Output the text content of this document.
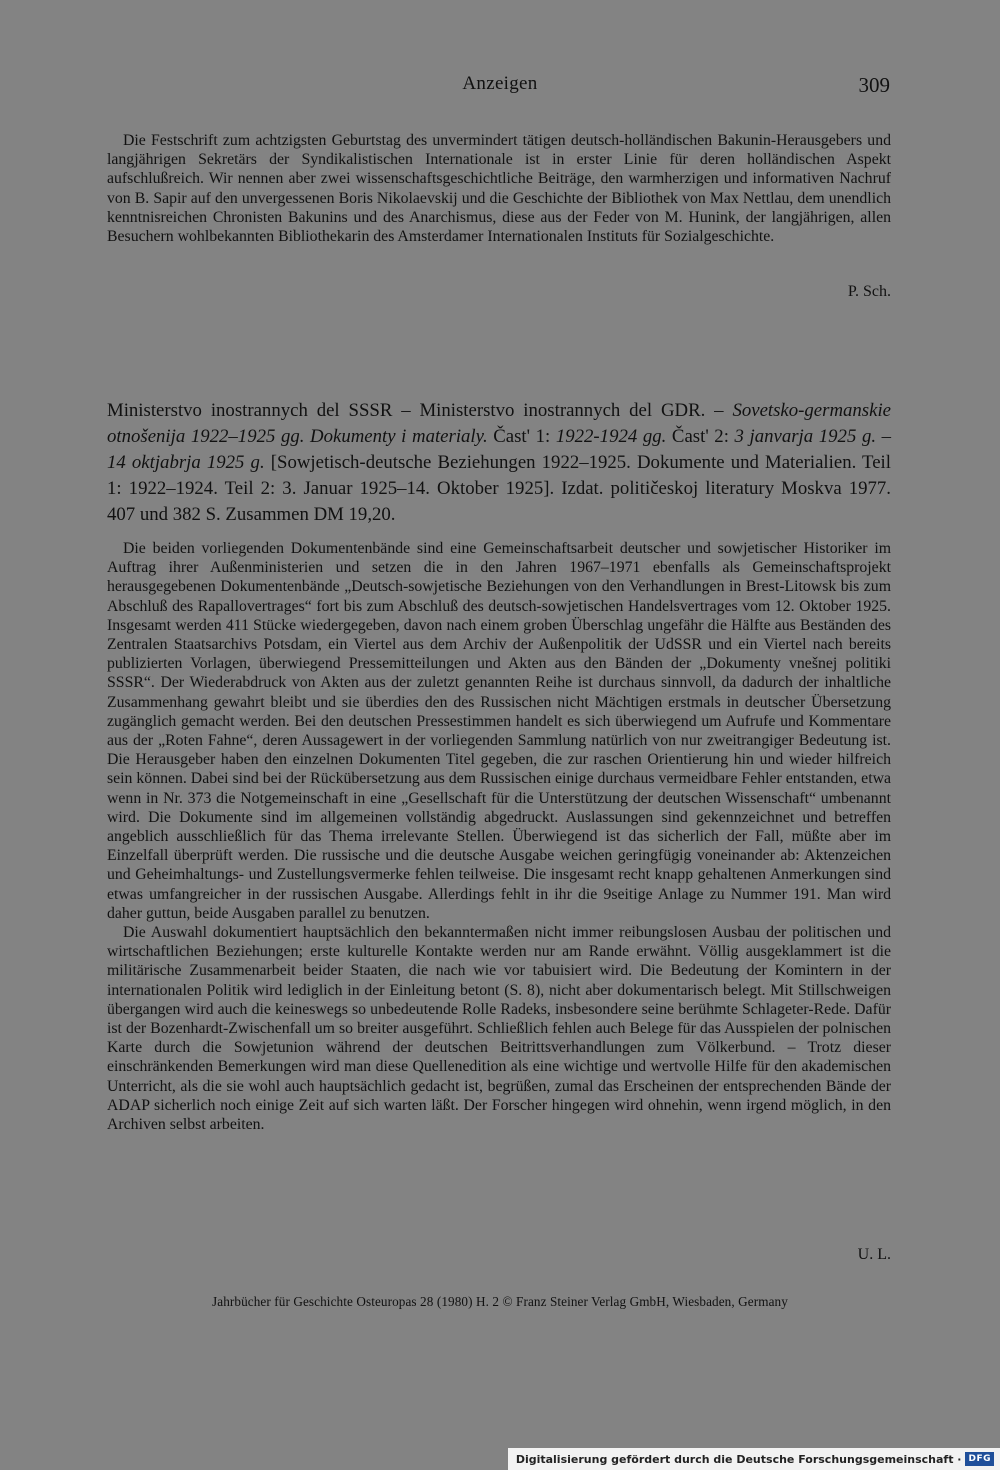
Anzeigen	309

Die Festschrift zum achtzigsten Geburtstag des unvermindert tätigen deutsch-holländischen Bakunin-Herausgebers und langjährigen Sekretärs der Syndikalistischen Internationale ist in erster Linie für deren holländischen Aspekt aufschlußreich. Wir nennen aber zwei wissenschaftsgeschichtliche Beiträge, den warmherzigen und informativen Nachruf von B. Sapir auf den unvergessenen Boris Nikolaevskij und die Geschichte der Bibliothek von Max Nettlau, dem unendlich kenntnisreichen Chronisten Bakunins und des Anarchismus, diese aus der Feder von M. Hunink, der langjährigen, allen Besuchern wohlbekannten Bibliothekarin des Amsterdamer Internationalen Instituts für Sozialgeschichte.

P. Sch.
Ministerstvo inostrannych del SSSR – Ministerstvo inostrannych del GDR. – Sovetsko-germanskie otnošenija 1922–1925 gg. Dokumenty i materialy. Čast' 1: 1922-1924 gg. Čast' 2: 3 janvarja 1925 g. – 14 oktjabrja 1925 g. [Sowjetisch-deutsche Beziehungen 1922–1925. Dokumente und Materialien. Teil 1: 1922–1924. Teil 2: 3. Januar 1925–14. Oktober 1925]. Izdat. političeskoj literatury Moskva 1977. 407 und 382 S. Zusammen DM 19,20.

Die beiden vorliegenden Dokumentenbände sind eine Gemeinschaftsarbeit deutscher und sowjetischer Historiker im Auftrag ihrer Außenministerien und setzen die in den Jahren 1967–1971 ebenfalls als Gemeinschaftsprojekt herausgegebenen Dokumentenbände „Deutsch-sowjetische Beziehungen von den Verhandlungen in Brest-Litowsk bis zum Abschluß des Rapallovertrages“ fort bis zum Abschluß des deutsch-sowjetischen Handelsvertrages vom 12. Oktober 1925. Insgesamt werden 411 Stücke wiedergegeben, davon nach einem groben Überschlag ungefähr die Hälfte aus Beständen des Zentralen Staatsarchivs Potsdam, ein Viertel aus dem Archiv der Außenpolitik der UdSSR und ein Viertel nach bereits publizierten Vorlagen, überwiegend Pressemitteilungen und Akten aus den Bänden der „Dokumenty vnešnej politiki SSSR“. Der Wiederabdruck von Akten aus der zuletzt genannten Reihe ist durchaus sinnvoll, da dadurch der inhaltliche Zusammenhang gewahrt bleibt und sie überdies den des Russischen nicht Mächtigen erstmals in deutscher Übersetzung zugänglich gemacht werden. Bei den deutschen Pressestimmen handelt es sich überwiegend um Aufrufe und Kommentare aus der „Roten Fahne“, deren Aussagewert in der vorliegenden Sammlung natürlich von nur zweitrangiger Bedeutung ist. Die Herausgeber haben den einzelnen Dokumenten Titel gegeben, die zur raschen Orientierung hin und wieder hilfreich sein können. Dabei sind bei der Rückübersetzung aus dem Russischen einige durchaus vermeidbare Fehler entstanden, etwa wenn in Nr. 373 die Notgemeinschaft in eine „Gesellschaft für die Unterstützung der deutschen Wissenschaft“ umbenannt wird. Die Dokumente sind im allgemeinen vollständig abgedruckt. Auslassungen sind gekennzeichnet und betreffen angeblich ausschließlich für das Thema irrelevante Stellen. Überwiegend ist das sicherlich der Fall, müßte aber im Einzelfall überprüft werden. Die russische und die deutsche Ausgabe weichen geringfügig voneinander ab: Aktenzeichen und Geheimhaltungs- und Zustellungsvermerke fehlen teilweise. Die insgesamt recht knapp gehaltenen Anmerkungen sind etwas umfangreicher in der russischen Ausgabe. Allerdings fehlt in ihr die 9seitige Anlage zu Nummer 191. Man wird daher guttun, beide Ausgaben parallel zu benutzen.

Die Auswahl dokumentiert hauptsächlich den bekanntermaßen nicht immer reibungslosen Ausbau der politischen und wirtschaftlichen Beziehungen; erste kulturelle Kontakte werden nur am Rande erwähnt. Völlig ausgeklammert ist die militärische Zusammenarbeit beider Staaten, die nach wie vor tabuisiert wird. Die Bedeutung der Komintern in der internationalen Politik wird lediglich in der Einleitung betont (S. 8), nicht aber dokumentarisch belegt. Mit Stillschweigen übergangen wird auch die keineswegs so unbedeutende Rolle Radeks, insbesondere seine berühmte Schlageter-Rede. Dafür ist der Bozenhardt-Zwischenfall um so breiter ausgeführt. Schließlich fehlen auch Belege für das Ausspielen der polnischen Karte durch die Sowjetunion während der deutschen Beitrittsverhandlungen zum Völkerbund. – Trotz dieser einschränkenden Bemerkungen wird man diese Quellenedition als eine wichtige und wertvolle Hilfe für den akademischen Unterricht, als die sie wohl auch hauptsächlich gedacht ist, begrüßen, zumal das Erscheinen der entsprechenden Bände der ADAP sicherlich noch einige Zeit auf sich warten läßt. Der Forscher hingegen wird ohnehin, wenn irgend möglich, in den Archiven selbst arbeiten.

U. L.
Jahrbücher für Geschichte Osteuropas 28 (1980) H. 2 © Franz Steiner Verlag GmbH, Wiesbaden, Germany
Digitalisierung gefördert durch die Deutsche Forschungsgemeinschaft · DFG
